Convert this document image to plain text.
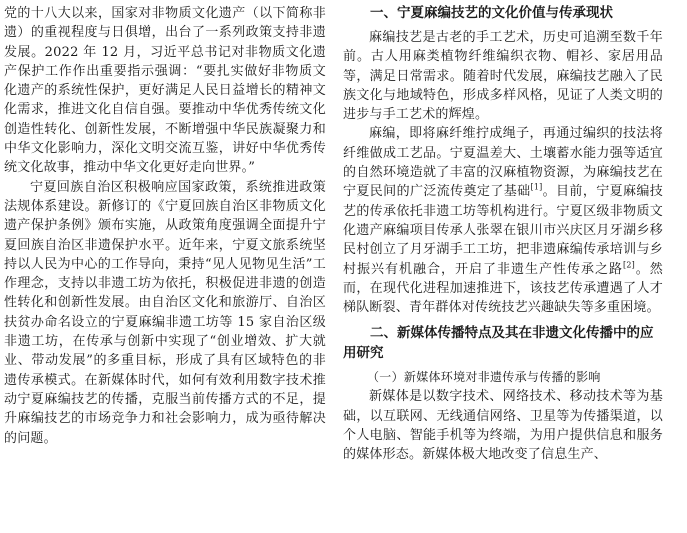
党的十八大以来，国家对非物质文化遗产（以下简称非遗）的重视程度与日俱增，出台了一系列政策支持非遗发展。2022 年 12 月，习近平总书记对非物质文化遗产保护工作作出重要指示强调：“要扎实做好非物质文化遗产的系统性保护，更好满足人民日益增长的精神文化需求，推进文化自信自强。要推动中华优秀传统文化创造性转化、创新性发展，不断增强中华民族凝聚力和中华文化影响力，深化文明交流互鉴，讲好中华优秀传统文化故事，推动中华文化更好走向世界。”

宁夏回族自治区积极响应国家政策，系统推进政策法规体系建设。新修订的《宁夏回族自治区非物质文化遗产保护条例》颁布实施，从政策角度强调全面提升宁夏回族自治区非遗保护水平。近年来，宁夏文旅系统坚持以人民为中心的工作导向，秉持“见人见物见生活”工作理念，支持以非遗工坊为依托，积极促进非遗的创造性转化和创新性发展。由自治区文化和旅游厅、自治区扶贫办命名设立的宁夏麻编非遗工坊等 15 家自治区级非遗工坊，在传承与创新中实现了“创业增效、扩大就业、带动发展”的多重目标，形成了具有区域特色的非遗传承模式。在新媒体时代，如何有效利用数字技术推动宁夏麻编技艺的传播，克服当前传播方式的不足，提升麻编技艺的市场竞争力和社会影响力，成为亟待解决的问题。

一、宁夏麻编技艺的文化价值与传承现状

麻编技艺是古老的手工艺术，历史可追溯至数千年前。古人用麻类植物纤维编织衣物、帽衫、家居用品等，满足日常需求。随着时代发展，麻编技艺融入了民族文化与地域特色，形成多样风格，见证了人类文明的进步与手工艺术的辉煌。

麻编，即将麻纤维拧成绳子，再通过编织的技法将纤维做成工艺品。宁夏温差大、土壤蓄水能力强等适宜的自然环境造就了丰富的汉麻植物资源，为麻编技艺在宁夏民间的广泛流传奠定了基础[1]。目前，宁夏麻编技艺的传承依托非遗工坊等机构进行。宁夏区级非物质文化遗产麻编项目传承人张翠在银川市兴庆区月牙湖乡移民村创立了月牙湖手工工坊，把非遗麻编传承培训与乡村振兴有机融合，开启了非遗生产性传承之路[2]。然而，在现代化进程加速推进下，该技艺传承遭遇了人才梯队断裂、青年群体对传统技艺兴趣缺失等多重困境。

二、新媒体传播特点及其在非遗文化传播中的应用研究

（一）新媒体环境对非遗传承与传播的影响

新媒体是以数字技术、网络技术、移动技术等为基础，以互联网、无线通信网络、卫星等为传播渠道，以个人电脑、智能手机等为终端，为用户提供信息和服务的媒体形态。新媒体极大地改变了信息生产、
